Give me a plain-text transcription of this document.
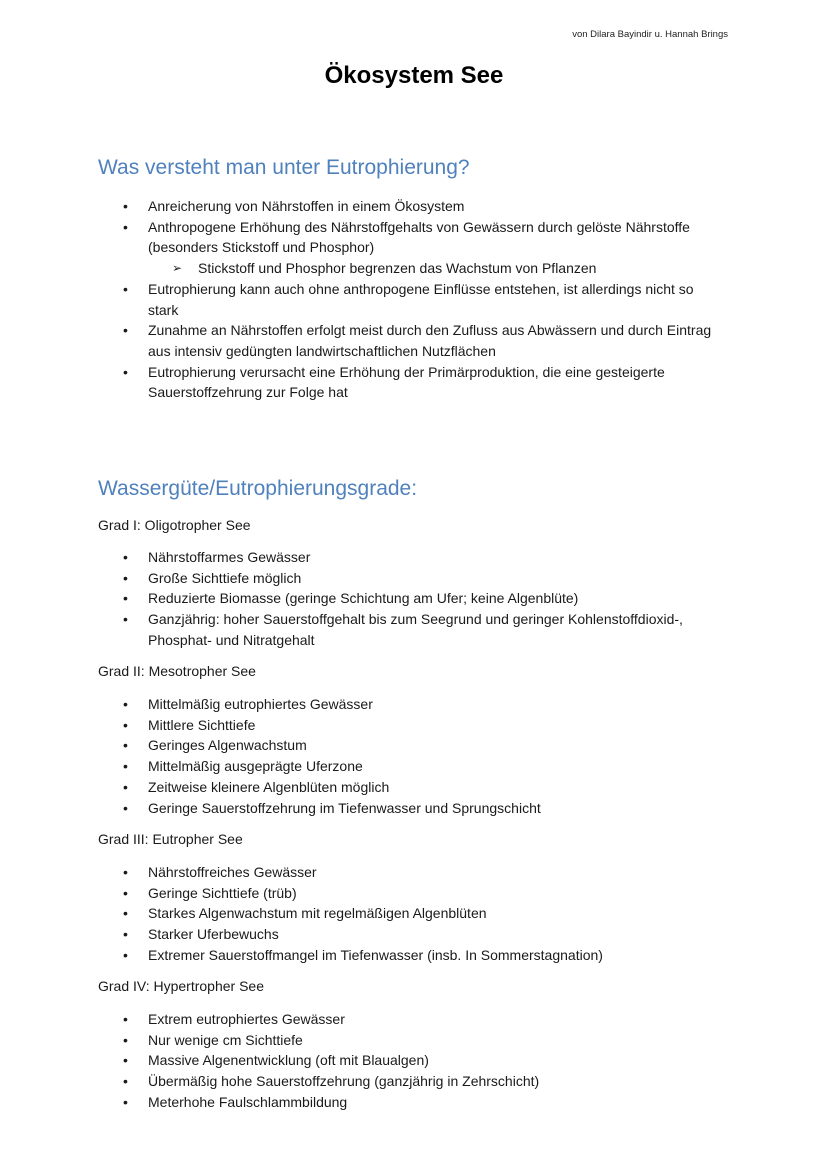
von Dilara Bayindir u. Hannah Brings
Ökosystem See
Was versteht man unter Eutrophierung?
• Anreicherung von Nährstoffen in einem Ökosystem
• Anthropogene Erhöhung des Nährstoffgehalts von Gewässern durch gelöste Nährstoffe
(besonders Stickstoff und Phosphor)
➢ Stickstoff und Phosphor begrenzen das Wachstum von Pflanzen
• Eutrophierung kann auch ohne anthropogene Einflüsse entstehen, ist allerdings nicht so
stark
• Zunahme an Nährstoffen erfolgt meist durch den Zufluss aus Abwässern und durch Eintrag
aus intensiv gedüngten landwirtschaftlichen Nutzflächen
• Eutrophierung verursacht eine Erhöhung der Primärproduktion, die eine gesteigerte
Sauerstoffzehrung zur Folge hat
Wassergüte/Eutrophierungsgrade:
Grad I: Oligotropher See
• Nährstoffarmes Gewässer
• Große Sichttiefe möglich
• Reduzierte Biomasse (geringe Schichtung am Ufer; keine Algenblüte)
• Ganzjährig: hoher Sauerstoffgehalt bis zum Seegrund und geringer Kohlenstoffdioxid-,
Phosphat- und Nitratgehalt
Grad II: Mesotropher See
• Mittelmäßig eutrophiertes Gewässer
• Mittlere Sichttiefe
• Geringes Algenwachstum
• Mittelmäßig ausgeprägte Uferzone
• Zeitweise kleinere Algenblüten möglich
• Geringe Sauerstoffzehrung im Tiefenwasser und Sprungschicht
Grad III: Eutropher See
• Nährstoffreiches Gewässer
• Geringe Sichttiefe (trüb)
• Starkes Algenwachstum mit regelmäßigen Algenblüten
• Starker Uferbewuchs
• Extremer Sauerstoffmangel im Tiefenwasser (insb. In Sommerstagnation)
Grad IV: Hypertropher See
• Extrem eutrophiertes Gewässer
• Nur wenige cm Sichttiefe
• Massive Algenentwicklung (oft mit Blaualgen)
• Übermäßig hohe Sauerstoffzehrung (ganzjährig in Zehrschicht)
• Meterhohe Faulschlammbildung
